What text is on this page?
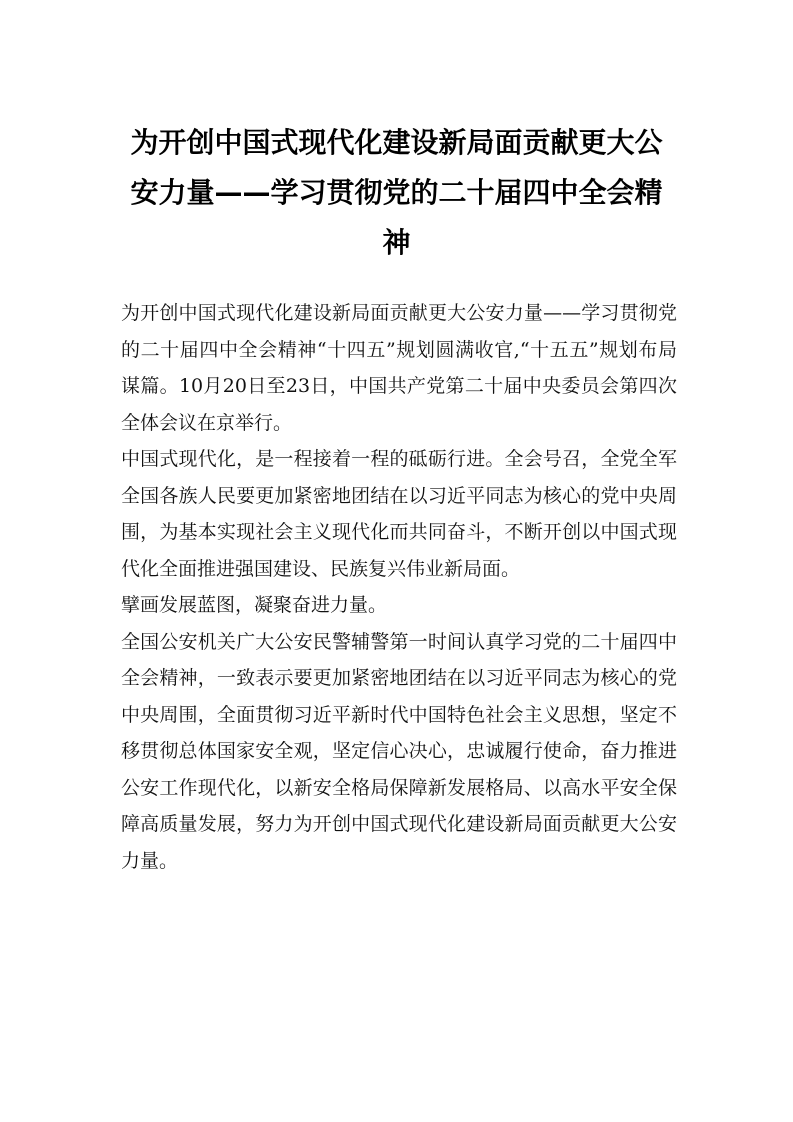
为开创中国式现代化建设新局面贡献更大公安力量——学习贯彻党的二十届四中全会精神

为开创中国式现代化建设新局面贡献更大公安力量——学习贯彻党的二十届四中全会精神“十四五”规划圆满收官,“十五五”规划布局谋篇。10月20日至23日，中国共产党第二十届中央委员会第四次全体会议在京举行。

中国式现代化，是一程接着一程的砥砺行进。全会号召，全党全军全国各族人民要更加紧密地团结在以习近平同志为核心的党中央周围，为基本实现社会主义现代化而共同奋斗，不断开创以中国式现代化全面推进强国建设、民族复兴伟业新局面。

擘画发展蓝图，凝聚奋进力量。

全国公安机关广大公安民警辅警第一时间认真学习党的二十届四中全会精神，一致表示要更加紧密地团结在以习近平同志为核心的党中央周围，全面贯彻习近平新时代中国特色社会主义思想，坚定不移贯彻总体国家安全观，坚定信心决心，忠诚履行使命，奋力推进公安工作现代化，以新安全格局保障新发展格局、以高水平安全保障高质量发展，努力为开创中国式现代化建设新局面贡献更大公安力量。
